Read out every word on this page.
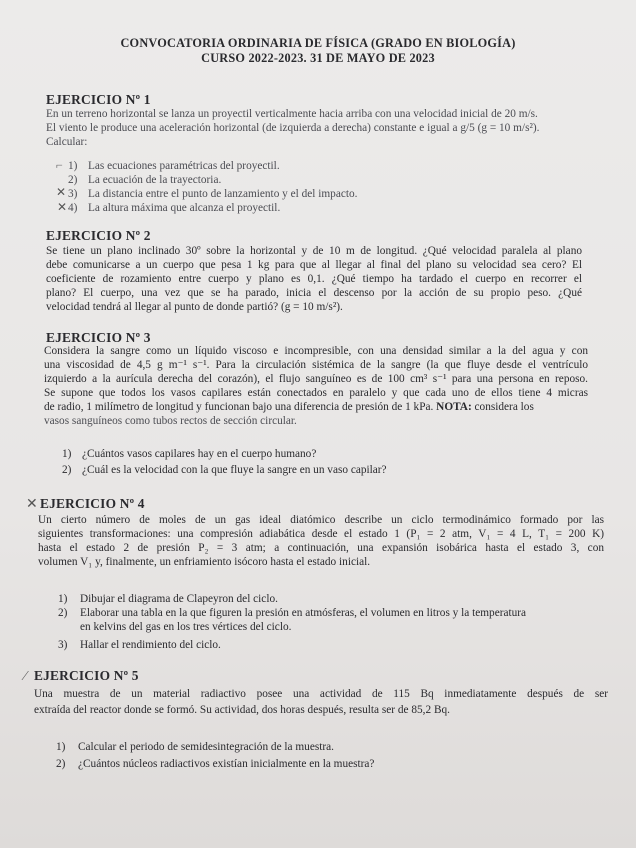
CONVOCATORIA ORDINARIA DE FÍSICA (GRADO EN BIOLOGÍA)
CURSO 2022-2023. 31 DE MAYO DE 2023
EJERCICIO Nº 1
En un terreno horizontal se lanza un proyectil verticalmente hacia arriba con una velocidad inicial de 20 m/s.
El viento le produce una aceleración horizontal (de izquierda a derecha) constante e igual a g/5 (g = 10 m/s²).
Calcular:
⌐ 1) Las ecuaciones paramétricas del proyectil.
2) La ecuación de la trayectoria.
✕ 3) La distancia entre el punto de lanzamiento y el del impacto.
✕ 4) La altura máxima que alcanza el proyectil.
EJERCICIO Nº 2
Se tiene un plano inclinado 30º sobre la horizontal y de 10 m de longitud. ¿Qué velocidad paralela al plano
debe comunicarse a un cuerpo que pesa 1 kg para que al llegar al final del plano su velocidad sea cero? El
coeficiente de rozamiento entre cuerpo y plano es 0,1. ¿Qué tiempo ha tardado el cuerpo en recorrer el
plano? El cuerpo, una vez que se ha parado, inicia el descenso por la acción de su propio peso. ¿Qué
velocidad tendrá al llegar al punto de donde partió? (g = 10 m/s²).
EJERCICIO Nº 3
Considera la sangre como un líquido viscoso e incompresible, con una densidad similar a la del agua y con
una viscosidad de 4,5 g m⁻¹ s⁻¹. Para la circulación sistémica de la sangre (la que fluye desde el ventrículo
izquierdo a la aurícula derecha del corazón), el flujo sanguíneo es de 100 cm³ s⁻¹ para una persona en reposo.
Se supone que todos los vasos capilares están conectados en paralelo y que cada uno de ellos tiene 4 micras
de radio, 1 milímetro de longitud y funcionan bajo una diferencia de presión de 1 kPa. NOTA: considera los
vasos sanguíneos como tubos rectos de sección circular.
1) ¿Cuántos vasos capilares hay en el cuerpo humano?
2) ¿Cuál es la velocidad con la que fluye la sangre en un vaso capilar?
✕ EJERCICIO Nº 4
Un cierto número de moles de un gas ideal diatómico describe un ciclo termodinámico formado por las
siguientes transformaciones: una compresión adiabática desde el estado 1 (P₁ = 2 atm, V₁ = 4 L, T₁ = 200 K)
hasta el estado 2 de presión P₂ = 3 atm; a continuación, una expansión isobárica hasta el estado 3, con
volumen V₁ y, finalmente, un enfriamiento isócoro hasta el estado inicial.
1) Dibujar el diagrama de Clapeyron del ciclo.
2) Elaborar una tabla en la que figuren la presión en atmósferas, el volumen en litros y la temperatura
en kelvins del gas en los tres vértices del ciclo.
3) Hallar el rendimiento del ciclo.
⁄ EJERCICIO Nº 5
Una muestra de un material radiactivo posee una actividad de 115 Bq inmediatamente después de ser
extraída del reactor donde se formó. Su actividad, dos horas después, resulta ser de 85,2 Bq.
1) Calcular el periodo de semidesintegración de la muestra.
2) ¿Cuántos núcleos radiactivos existían inicialmente en la muestra?
